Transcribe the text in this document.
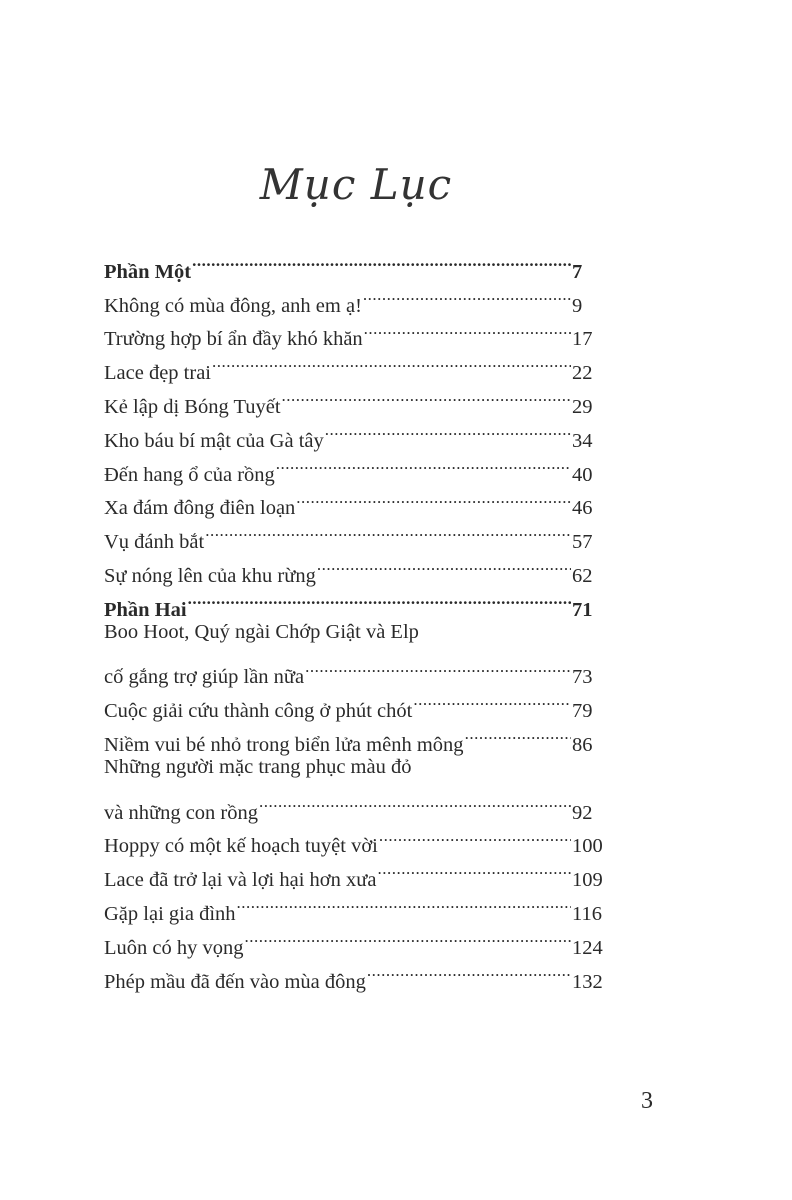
Mục Lục
Phần Một .....	7
Không có mùa đông, anh em ạ! .....	9
Trường hợp bí ẩn đầy khó khăn .....	17
Lace đẹp trai .....	22
Kẻ lập dị Bóng Tuyết .....	29
Kho báu bí mật của Gà tây .....	34
Đến hang ổ của rồng .....	40
Xa đám đông điên loạn .....	46
Vụ đánh bắt .....	57
Sự nóng lên của khu rừng .....	62
Phần Hai .....	71
Boo Hoot, Quý ngài Chớp Giật và Elp
cố gắng trợ giúp lần nữa .....	73
Cuộc giải cứu thành công ở phút chót .....	79
Niềm vui bé nhỏ trong biển lửa mênh mông .....	86
Những người mặc trang phục màu đỏ
và những con rồng .....	92
Hoppy có một kế hoạch tuyệt vời .....	100
Lace đã trở lại và lợi hại hơn xưa .....	109
Gặp lại gia đình .....	116
Luôn có hy vọng .....	124
Phép mầu đã đến vào mùa đông .....	132
3
